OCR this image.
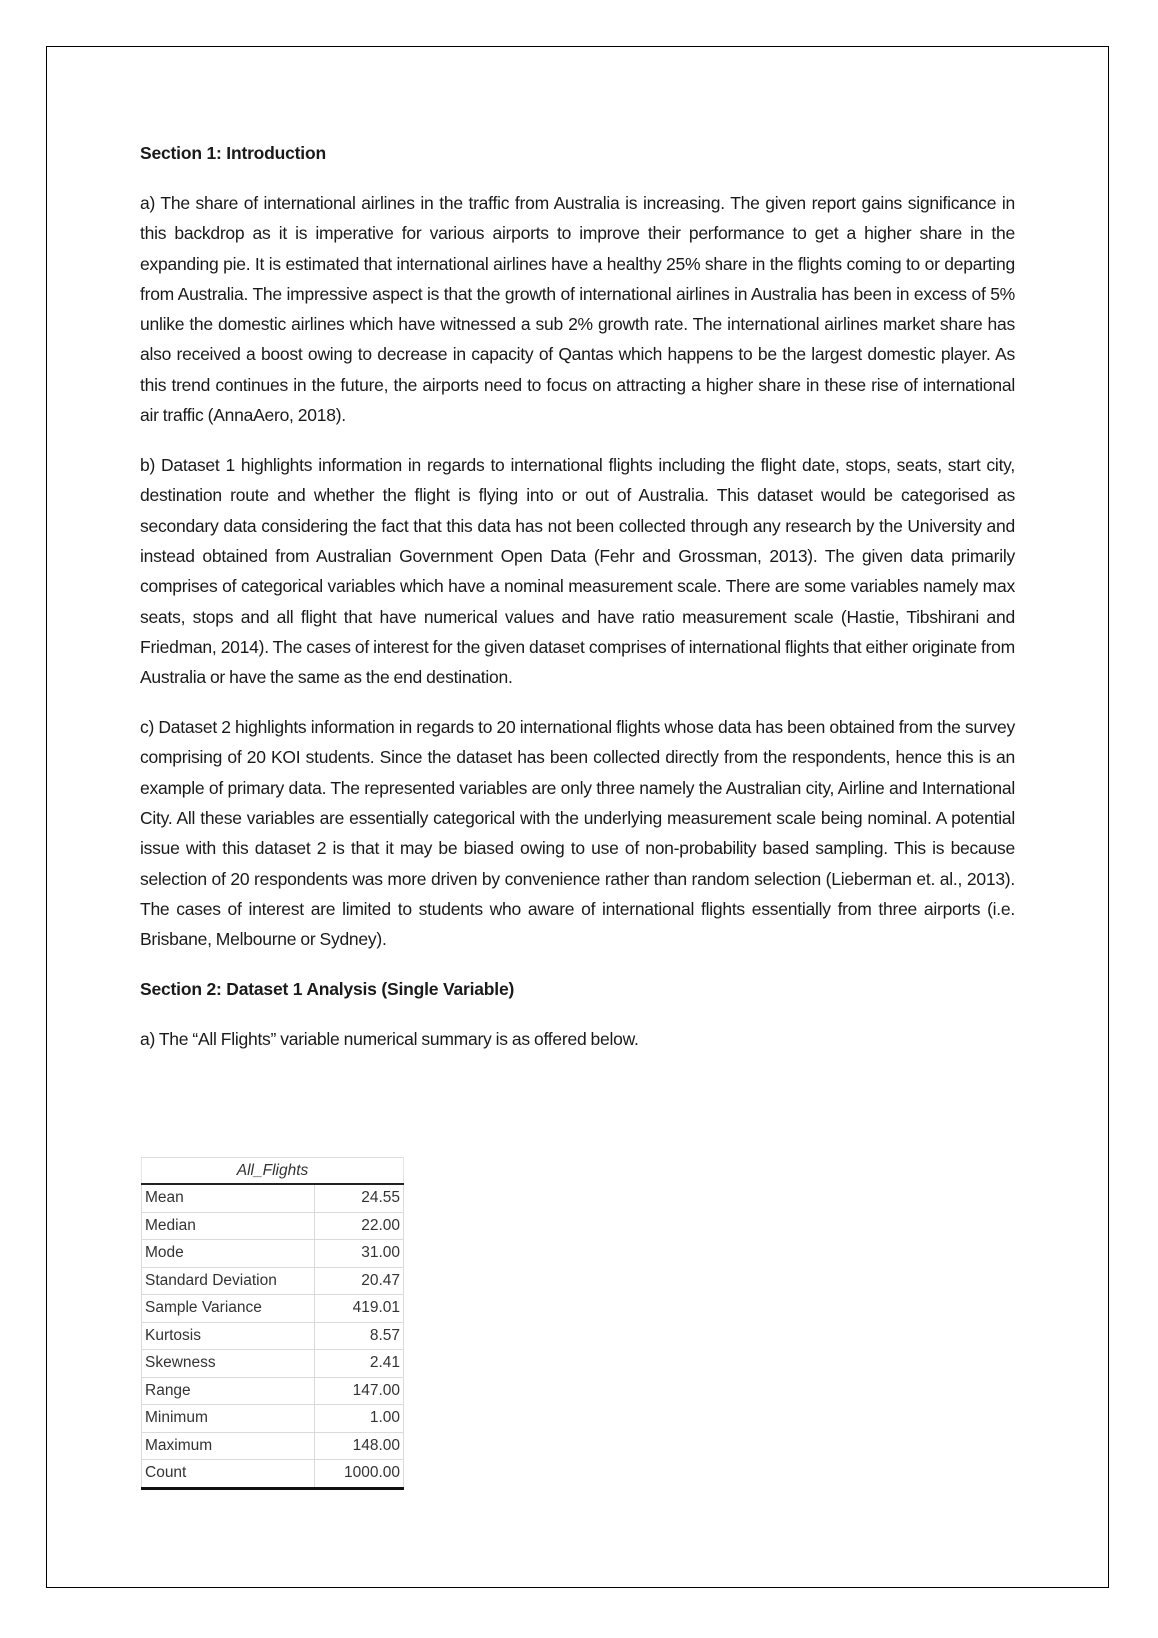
Section 1: Introduction

a) The share of international airlines in the traffic from Australia is increasing. The given report gains significance in this backdrop as it is imperative for various airports to improve their performance to get a higher share in the expanding pie. It is estimated that international airlines have a healthy 25% share in the flights coming to or departing from Australia. The impressive aspect is that the growth of international airlines in Australia has been in excess of 5% unlike the domestic airlines which have witnessed a sub 2% growth rate. The international airlines market share has also received a boost owing to decrease in capacity of Qantas which happens to be the largest domestic player. As this trend continues in the future, the airports need to focus on attracting a higher share in these rise of international air traffic (AnnaAero, 2018).

b) Dataset 1 highlights information in regards to international flights including the flight date, stops, seats, start city, destination route and whether the flight is flying into or out of Australia. This dataset would be categorised as secondary data considering the fact that this data has not been collected through any research by the University and instead obtained from Australian Government Open Data (Fehr and Grossman, 2013). The given data primarily comprises of categorical variables which have a nominal measurement scale. There are some variables namely max seats, stops and all flight that have numerical values and have ratio measurement scale (Hastie, Tibshirani and Friedman, 2014). The cases of interest for the given dataset comprises of international flights that either originate from Australia or have the same as the end destination.

c) Dataset 2 highlights information in regards to 20 international flights whose data has been obtained from the survey comprising of 20 KOI students. Since the dataset has been collected directly from the respondents, hence this is an example of primary data. The represented variables are only three namely the Australian city, Airline and International City. All these variables are essentially categorical with the underlying measurement scale being nominal. A potential issue with this dataset 2 is that it may be biased owing to use of non-probability based sampling. This is because selection of 20 respondents was more driven by convenience rather than random selection (Lieberman et. al., 2013). The cases of interest are limited to students who aware of international flights essentially from three airports (i.e. Brisbane, Melbourne or Sydney).

Section 2: Dataset 1 Analysis (Single Variable)

a) The “All Flights” variable numerical summary is as offered below.

All_Flights	
Mean	24.55
Median	22.00
Mode	31.00
Standard Deviation	20.47
Sample Variance	419.01
Kurtosis	8.57
Skewness	2.41
Range	147.00
Minimum	1.00
Maximum	148.00
Count	1000.00
